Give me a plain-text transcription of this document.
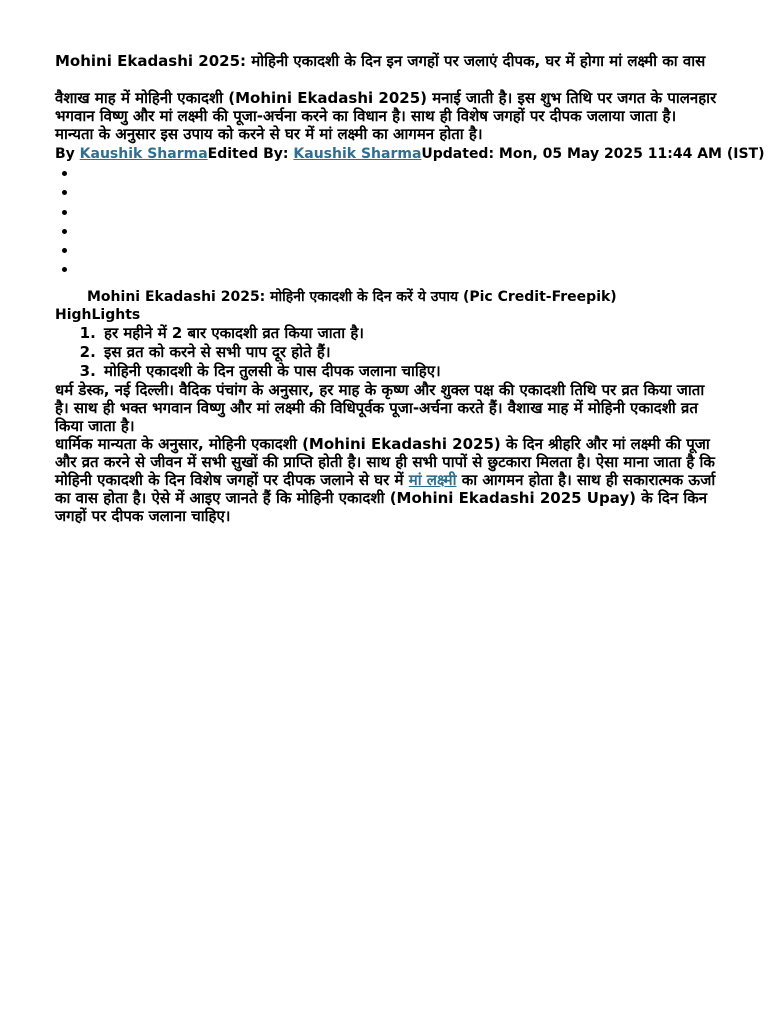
Mohini Ekadashi 2025: मोहिनी एकादशी के दिन इन जगहों पर जलाएं दीपक, घर में होगा मां लक्ष्मी का वास
वैशाख माह में मोहिनी एकादशी (Mohini Ekadashi 2025) मनाई जाती है। इस शुभ तिथि पर जगत के पालनहार भगवान विष्णु और मां लक्ष्मी की पूजा-अर्चना करने का विधान है। साथ ही विशेष जगहों पर दीपक जलाया जाता है। मान्यता के अनुसार इस उपाय को करने से घर में मां लक्ष्मी का आगमन होता है।
By Kaushik SharmaEdited By: Kaushik SharmaUpdated: Mon, 05 May 2025 11:44 AM (IST)
•
•
•
•
•
•
Mohini Ekadashi 2025: मोहिनी एकादशी के दिन करें ये उपाय (Pic Credit-Freepik)
HighLights
1. हर महीने में 2 बार एकादशी व्रत किया जाता है।
2. इस व्रत को करने से सभी पाप दूर होते हैं।
3. मोहिनी एकादशी के दिन तुलसी के पास दीपक जलाना चाहिए।
धर्म डेस्क, नई दिल्ली। वैदिक पंचांग के अनुसार, हर माह के कृष्ण और शुक्ल पक्ष की एकादशी तिथि पर व्रत किया जाता है। साथ ही भक्त भगवान विष्णु और मां लक्ष्मी की विधिपूर्वक पूजा-अर्चना करते हैं। वैशाख माह में मोहिनी एकादशी व्रत किया जाता है।
धार्मिक मान्यता के अनुसार, मोहिनी एकादशी (Mohini Ekadashi 2025) के दिन श्रीहरि और मां लक्ष्मी की पूजा और व्रत करने से जीवन में सभी सुखों की प्राप्ति होती है। साथ ही सभी पापों से छुटकारा मिलता है। ऐसा माना जाता है कि मोहिनी एकादशी के दिन विशेष जगहों पर दीपक जलाने से घर में मां लक्ष्मी का आगमन होता है। साथ ही सकारात्मक ऊर्जा का वास होता है। ऐसे में आइए जानते हैं कि मोहिनी एकादशी (Mohini Ekadashi 2025 Upay) के दिन किन जगहों पर दीपक जलाना चाहिए।
